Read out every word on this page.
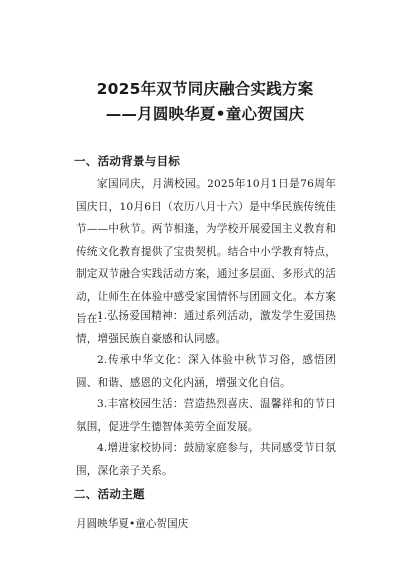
2025年双节同庆融合实践方案
——月圆映华夏•童心贺国庆
一、活动背景与目标

家国同庆，月满校园。2025年10月1日是76周年国庆日，10月6日（农历八月十六）是中华民族传统佳节——中秋节。两节相逢，为学校开展爱国主义教育和传统文化教育提供了宝贵契机。结合中小学教育特点，制定双节融合实践活动方案，通过多层面、多形式的活动，让师生在体验中感受家国情怀与团圆文化。本方案旨在：

1.弘扬爱国精神：通过系列活动，激发学生爱国热情，增强民族自豪感和认同感。

2.传承中华文化：深入体验中秋节习俗，感悟团圆、和谐、感恩的文化内涵，增强文化自信。

3.丰富校园生活：营造热烈喜庆、温馨祥和的节日氛围，促进学生德智体美劳全面发展。

4.增进家校协同：鼓励家庭参与，共同感受节日氛围，深化亲子关系。

二、活动主题

月圆映华夏•童心贺国庆
